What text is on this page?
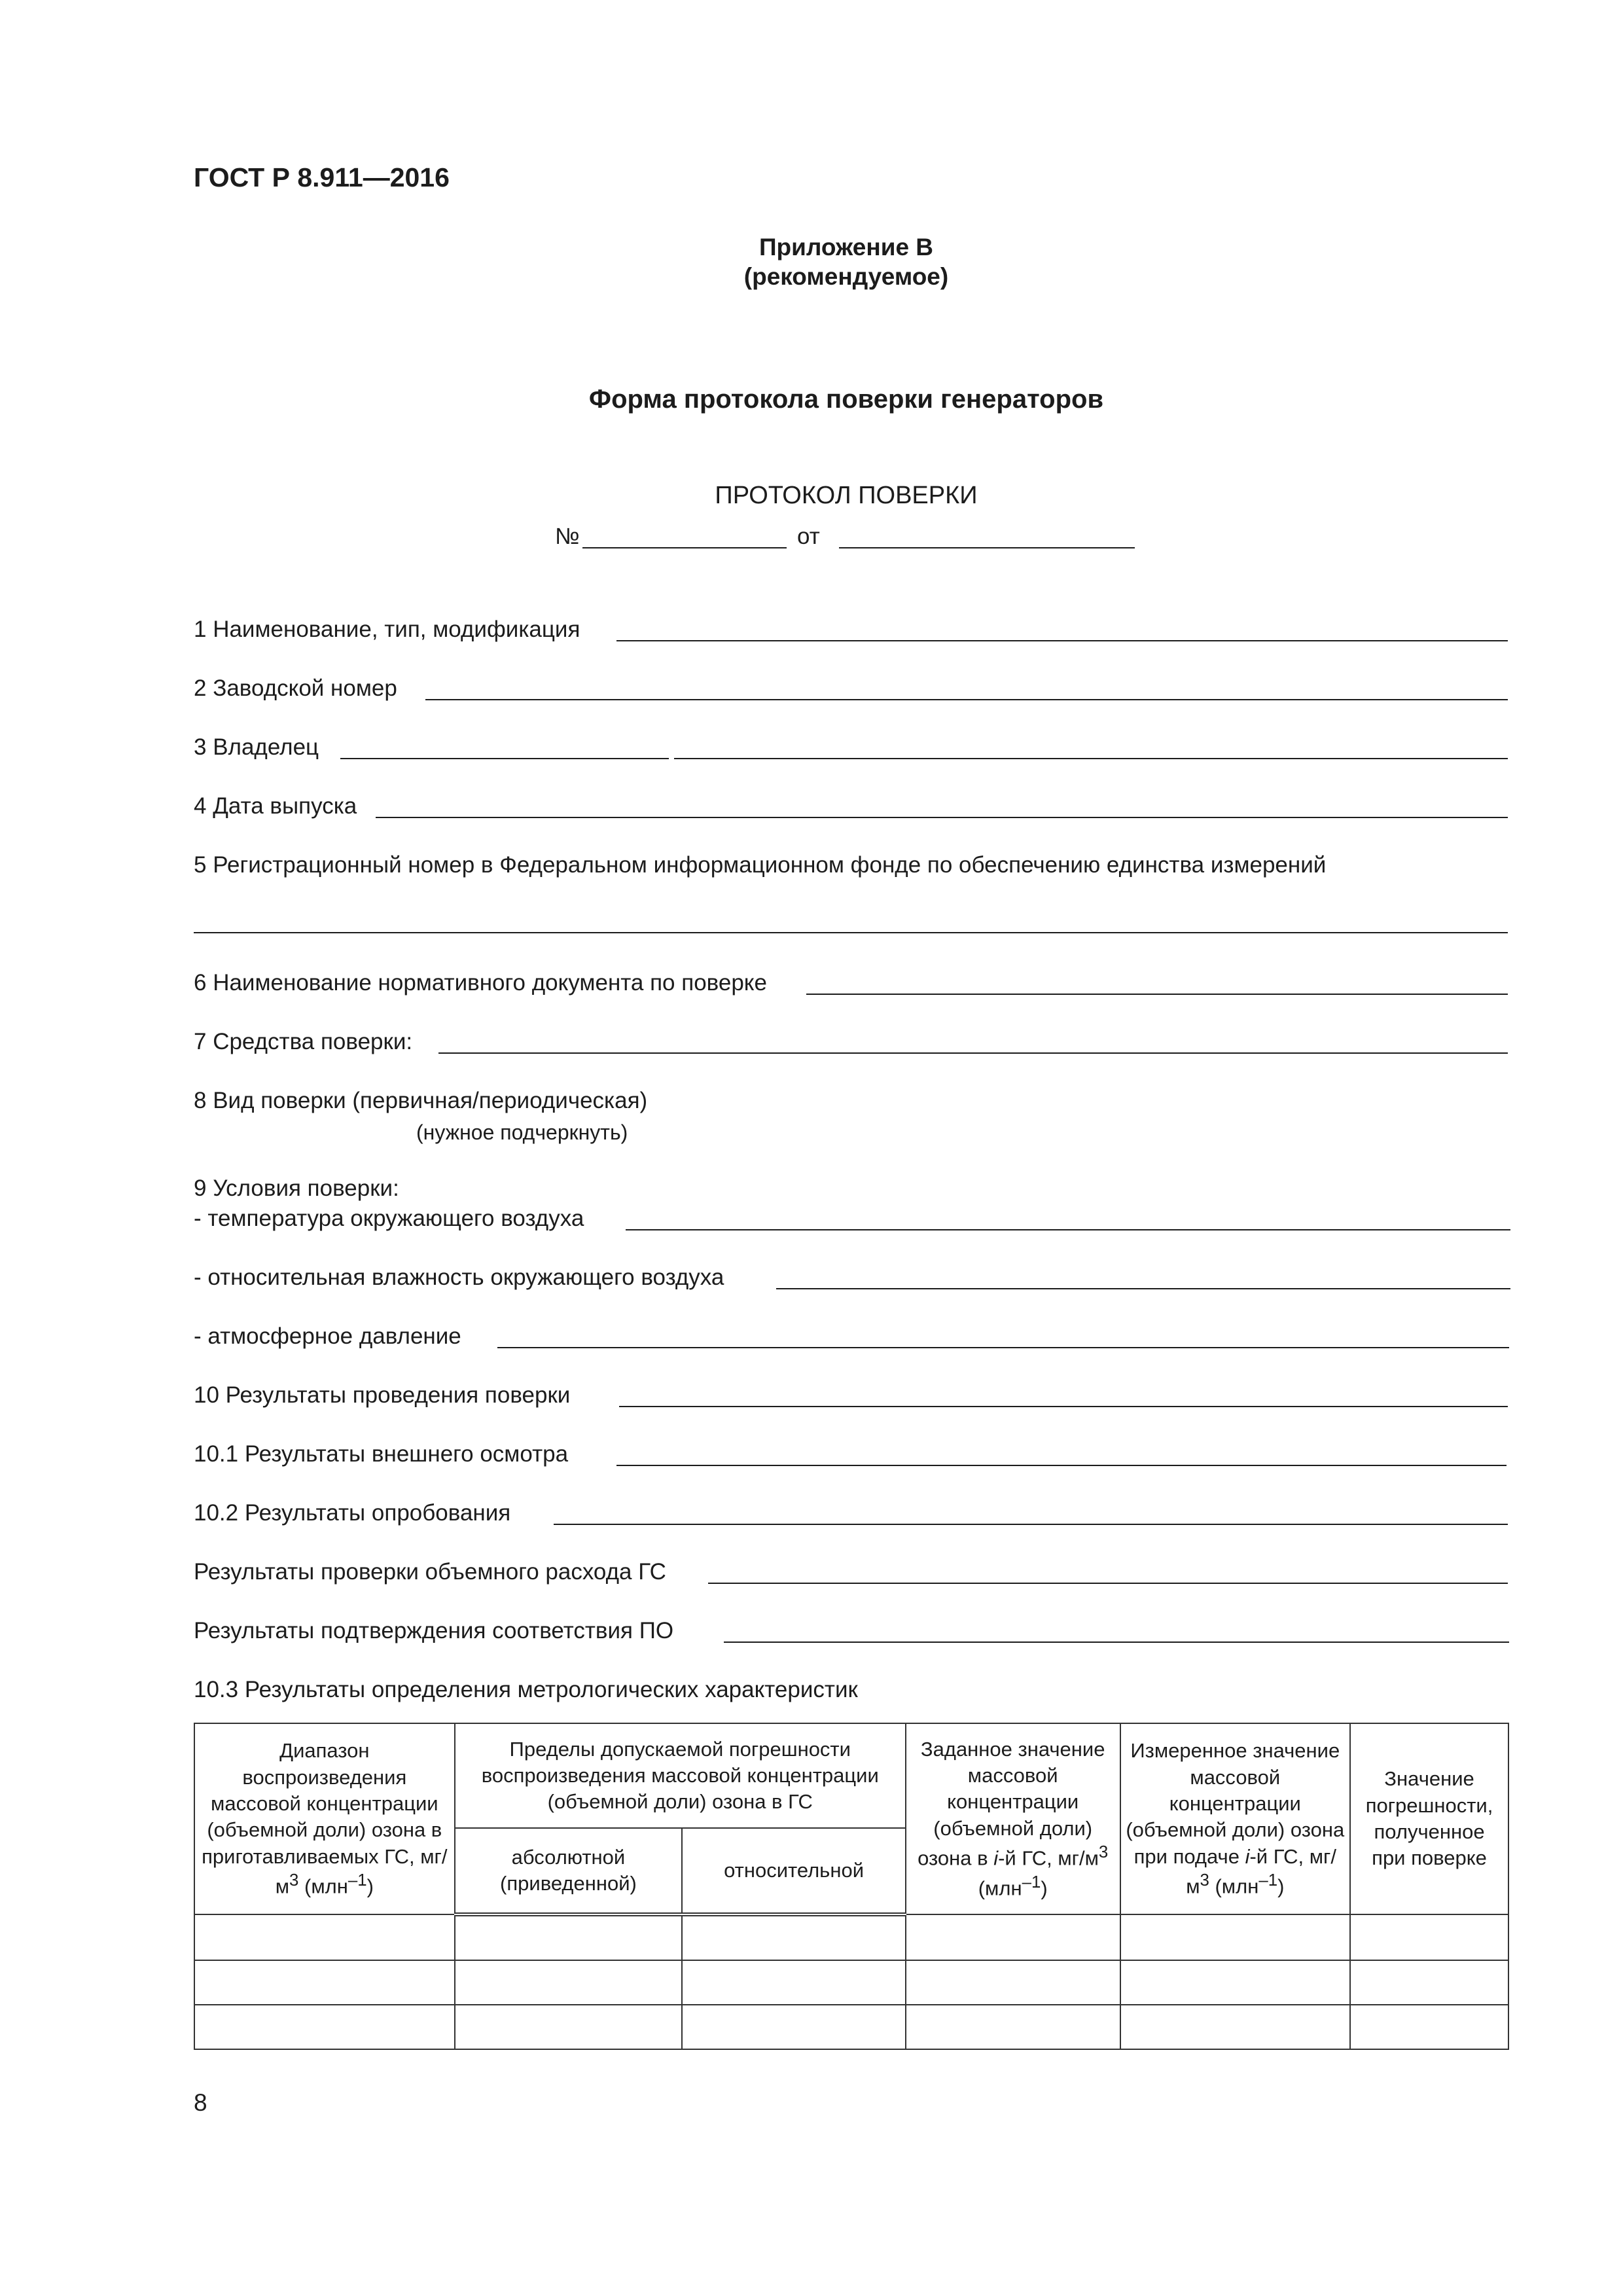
ГОСТ Р 8.911—2016
Приложение В
(рекомендуемое)
Форма протокола поверки генераторов
ПРОТОКОЛ ПОВЕРКИ
№	от
1 Наименование, тип, модификация
2 Заводской номер
3 Владелец
4 Дата выпуска
5 Регистрационный номер в Федеральном информационном фонде по обеспечению единства измерений
6 Наименование нормативного документа по поверке
7 Средства поверки:
8 Вид поверки (первичная/периодическая)
(нужное подчеркнуть)
9 Условия поверки:
- температура окружающего воздуха
- относительная влажность окружающего воздуха
- атмосферное давление
10 Результаты проведения поверки
10.1 Результаты внешнего осмотра
10.2 Результаты опробования
Результаты проверки объемного расхода ГС
Результаты подтверждения соответствия ПО
10.3 Результаты определения метрологических характеристик
Диапазон воспроизведения массовой концентрации (объемной доли) озона в приготавливаемых ГС, $мг/м^3$ (млн$^{-1}$)	Пределы допускаемой погрешности воспроизведения массовой концентрации (объемной доли) озона в ГС		Заданное значение массовой концентрации (объемной доли) озона в i-й ГС, $мг/м^3$ (млн$^{-1}$)	Измеренное значение массовой концентрации (объемной доли) озона при подаче i-й ГС, $мг/м^3$ (млн$^{-1}$)	Значение погрешности, полученное при поверке
	абсолютной (приведенной)	относительной			

8
